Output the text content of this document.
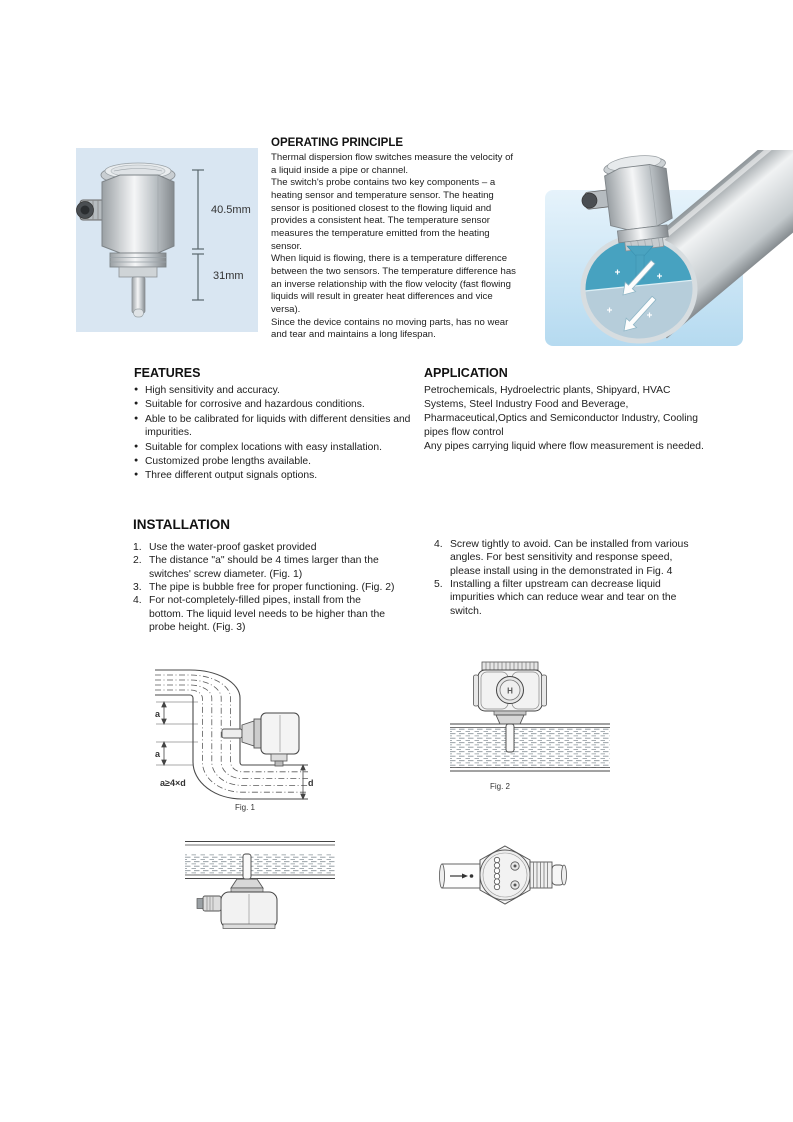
40.5mm
31mm
OPERATING PRINCIPLE

Thermal dispersion flow switches measure the velocity of a liquid inside a pipe or channel.

The switch's probe contains two key components – a heating sensor and temperature sensor. The heating sensor is positioned closest to the flowing liquid and provides a consistent heat. The temperature sensor measures the temperature emitted from the heating sensor.

When liquid is flowing, there is a temperature difference between the two sensors. The temperature difference has an inverse relationship with the flow velocity (fast flowing liquids will result in greater heat differences and vice versa).

Since the device contains no moving parts, has no wear and tear and maintains a long lifespan.

FEATURES
● High sensitivity and accuracy.
● Suitable for corrosive and hazardous conditions.
● Able to be calibrated for liquids with different densities and impurities.
● Suitable for complex locations with easy installation.
● Customized probe lengths available.
● Three different output signals options.
APPLICATION

Petrochemicals, Hydroelectric plants, Shipyard, HVAC Systems, Steel Industry Food and Beverage, Pharmaceutical,Optics and Semiconductor Industry, Cooling pipes flow control

Any pipes carrying liquid where flow measurement is needed.

INSTALLATION
1. Use the water-proof gasket provided
2. The distance "a" should be 4 times larger than the switches' screw diameter. (Fig. 1)
3. The pipe is bubble free for proper functioning. (Fig. 2)
4. For not-completely-filled pipes, install from the bottom. The liquid level needs to be higher than the probe height. (Fig. 3)
4. Screw tightly to avoid. Can be installed from various angles. For best sensitivity and response speed, please install using in the demonstrated in Fig. 4
5. Installing a filter upstream can decrease liquid impurities which can reduce wear and tear on the switch.
a
a
a≥4×d	d
Fig. 1
H
Fig. 2
